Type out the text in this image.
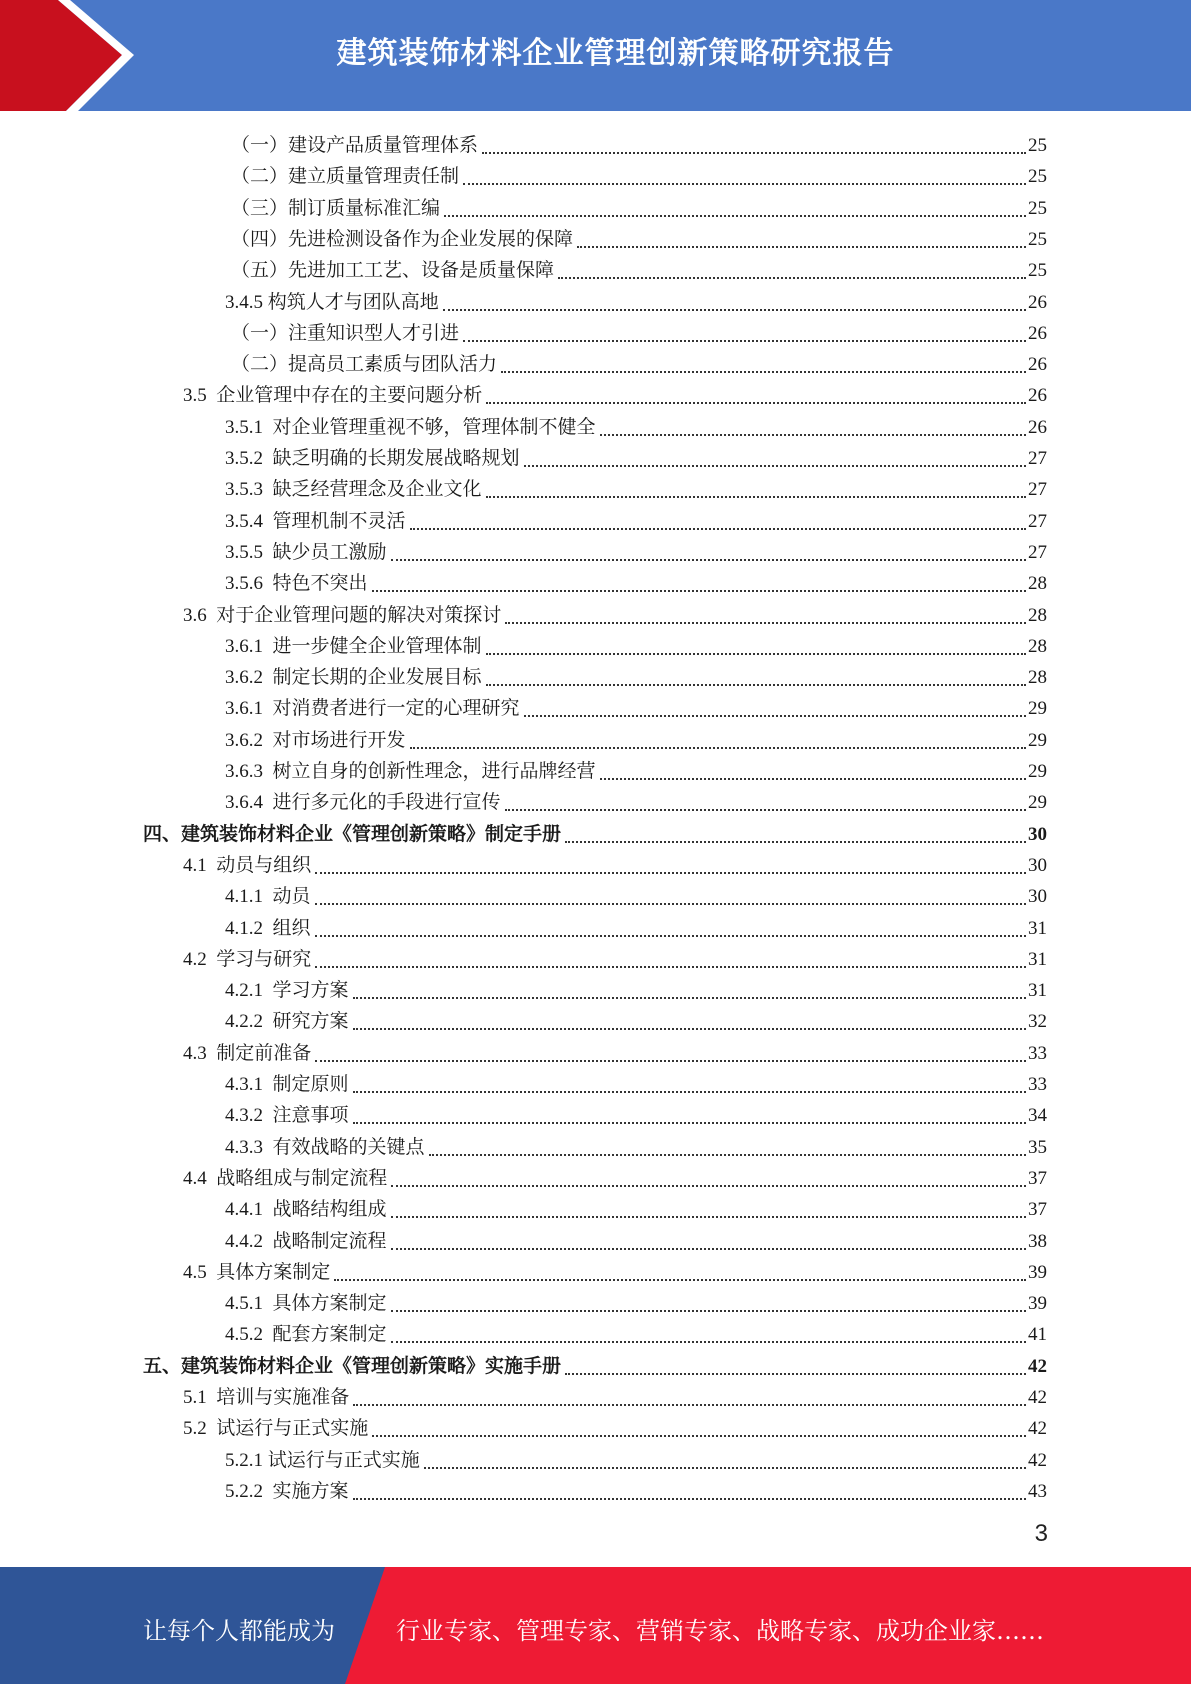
建筑装饰材料企业管理创新策略研究报告
（一） 建设产品质量管理体系	25
（二） 建立质量管理责任制	25
（三） 制订质量标准汇编	25
（四） 先进检测设备作为企业发展的保障	25
（五） 先进加工工艺、设备是质量保障	25
3.4.5 构筑人才与团队高地	26
（一） 注重知识型人才引进	26
（二） 提高员工素质与团队活力	26
3.5 企业管理中存在的主要问题分析	26
3.5.1 对企业管理重视不够，管理体制不健全	26
3.5.2 缺乏明确的长期发展战略规划	27
3.5.3 缺乏经营理念及企业文化	27
3.5.4 管理机制不灵活	27
3.5.5 缺少员工激励	27
3.5.6 特色不突出	28
3.6 对于企业管理问题的解决对策探讨	28
3.6.1 进一步健全企业管理体制	28
3.6.2 制定长期的企业发展目标	28
3.6.1 对消费者进行一定的心理研究	29
3.6.2 对市场进行开发	29
3.6.3 树立自身的创新性理念，进行品牌经营	29
3.6.4 进行多元化的手段进行宣传	29
四、 建筑装饰材料企业《管理创新策略》制定手册	30
4.1 动员与组织	30
4.1.1 动员	30
4.1.2 组织	31
4.2 学习与研究	31
4.2.1 学习方案	31
4.2.2 研究方案	32
4.3 制定前准备	33
4.3.1 制定原则	33
4.3.2 注意事项	34
4.3.3 有效战略的关键点	35
4.4 战略组成与制定流程	37
4.4.1 战略结构组成	37
4.4.2 战略制定流程	38
4.5 具体方案制定	39
4.5.1 具体方案制定	39
4.5.2 配套方案制定	41
五、 建筑装饰材料企业《管理创新策略》实施手册	42
5.1 培训与实施准备	42
5.2 试运行与正式实施	42
5.2.1 试运行与正式实施	42
5.2.2 实施方案	43
3
让每个人都能成为	行业专家、管理专家、营销专家、战略专家、成功企业家……
